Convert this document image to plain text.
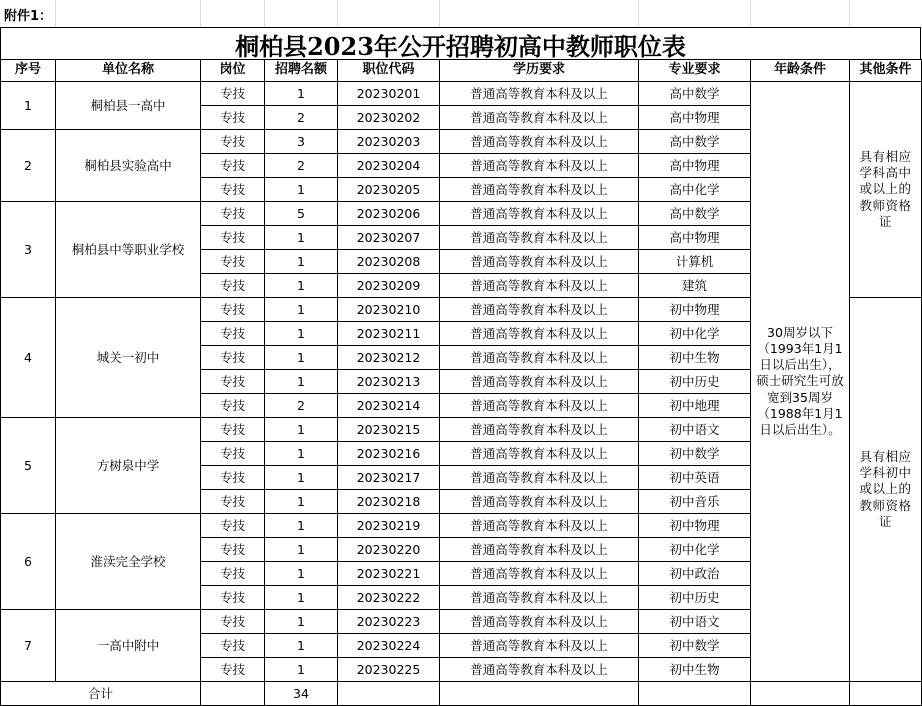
附件1：
桐柏县2023年公开招聘初高中教师职位表
序号	单位名称	岗位	招聘名额	职位代码	学历要求	专业要求	年龄条件	其他条件
1	桐柏县一高中	专技	1	20230201	普通高等教育本科及以上	高中数学	30周岁以下（1993年1月1日以后出生），硕士研究生可放宽到35周岁（1988年1月1日以后出生）。	具有相应学科高中或以上的教师资格证
		专技	2	20230202	普通高等教育本科及以上	高中物理		
2	桐柏县实验高中	专技	3	20230203	普通高等教育本科及以上	高中数学		
		专技	2	20230204	普通高等教育本科及以上	高中物理		
		专技	1	20230205	普通高等教育本科及以上	高中化学		
3	桐柏县中等职业学校	专技	5	20230206	普通高等教育本科及以上	高中数学		
		专技	1	20230207	普通高等教育本科及以上	高中物理		
		专技	1	20230208	普通高等教育本科及以上	计算机		
		专技	1	20230209	普通高等教育本科及以上	建筑		
4	城关一初中	专技	1	20230210	普通高等教育本科及以上	初中物理		具有相应学科初中或以上的教师资格证
		专技	1	20230211	普通高等教育本科及以上	初中化学		
		专技	1	20230212	普通高等教育本科及以上	初中生物		
		专技	1	20230213	普通高等教育本科及以上	初中历史		
		专技	2	20230214	普通高等教育本科及以上	初中地理		
5	方树泉中学	专技	1	20230215	普通高等教育本科及以上	初中语文		
		专技	1	20230216	普通高等教育本科及以上	初中数学		
		专技	1	20230217	普通高等教育本科及以上	初中英语		
		专技	1	20230218	普通高等教育本科及以上	初中音乐		
6	淮渎完全学校	专技	1	20230219	普通高等教育本科及以上	初中物理		
		专技	1	20230220	普通高等教育本科及以上	初中化学		
		专技	1	20230221	普通高等教育本科及以上	初中政治		
		专技	1	20230222	普通高等教育本科及以上	初中历史		
7	一高中附中	专技	1	20230223	普通高等教育本科及以上	初中语文		
		专技	1	20230224	普通高等教育本科及以上	初中数学		
		专技	1	20230225	普通高等教育本科及以上	初中生物		
合计			34					
